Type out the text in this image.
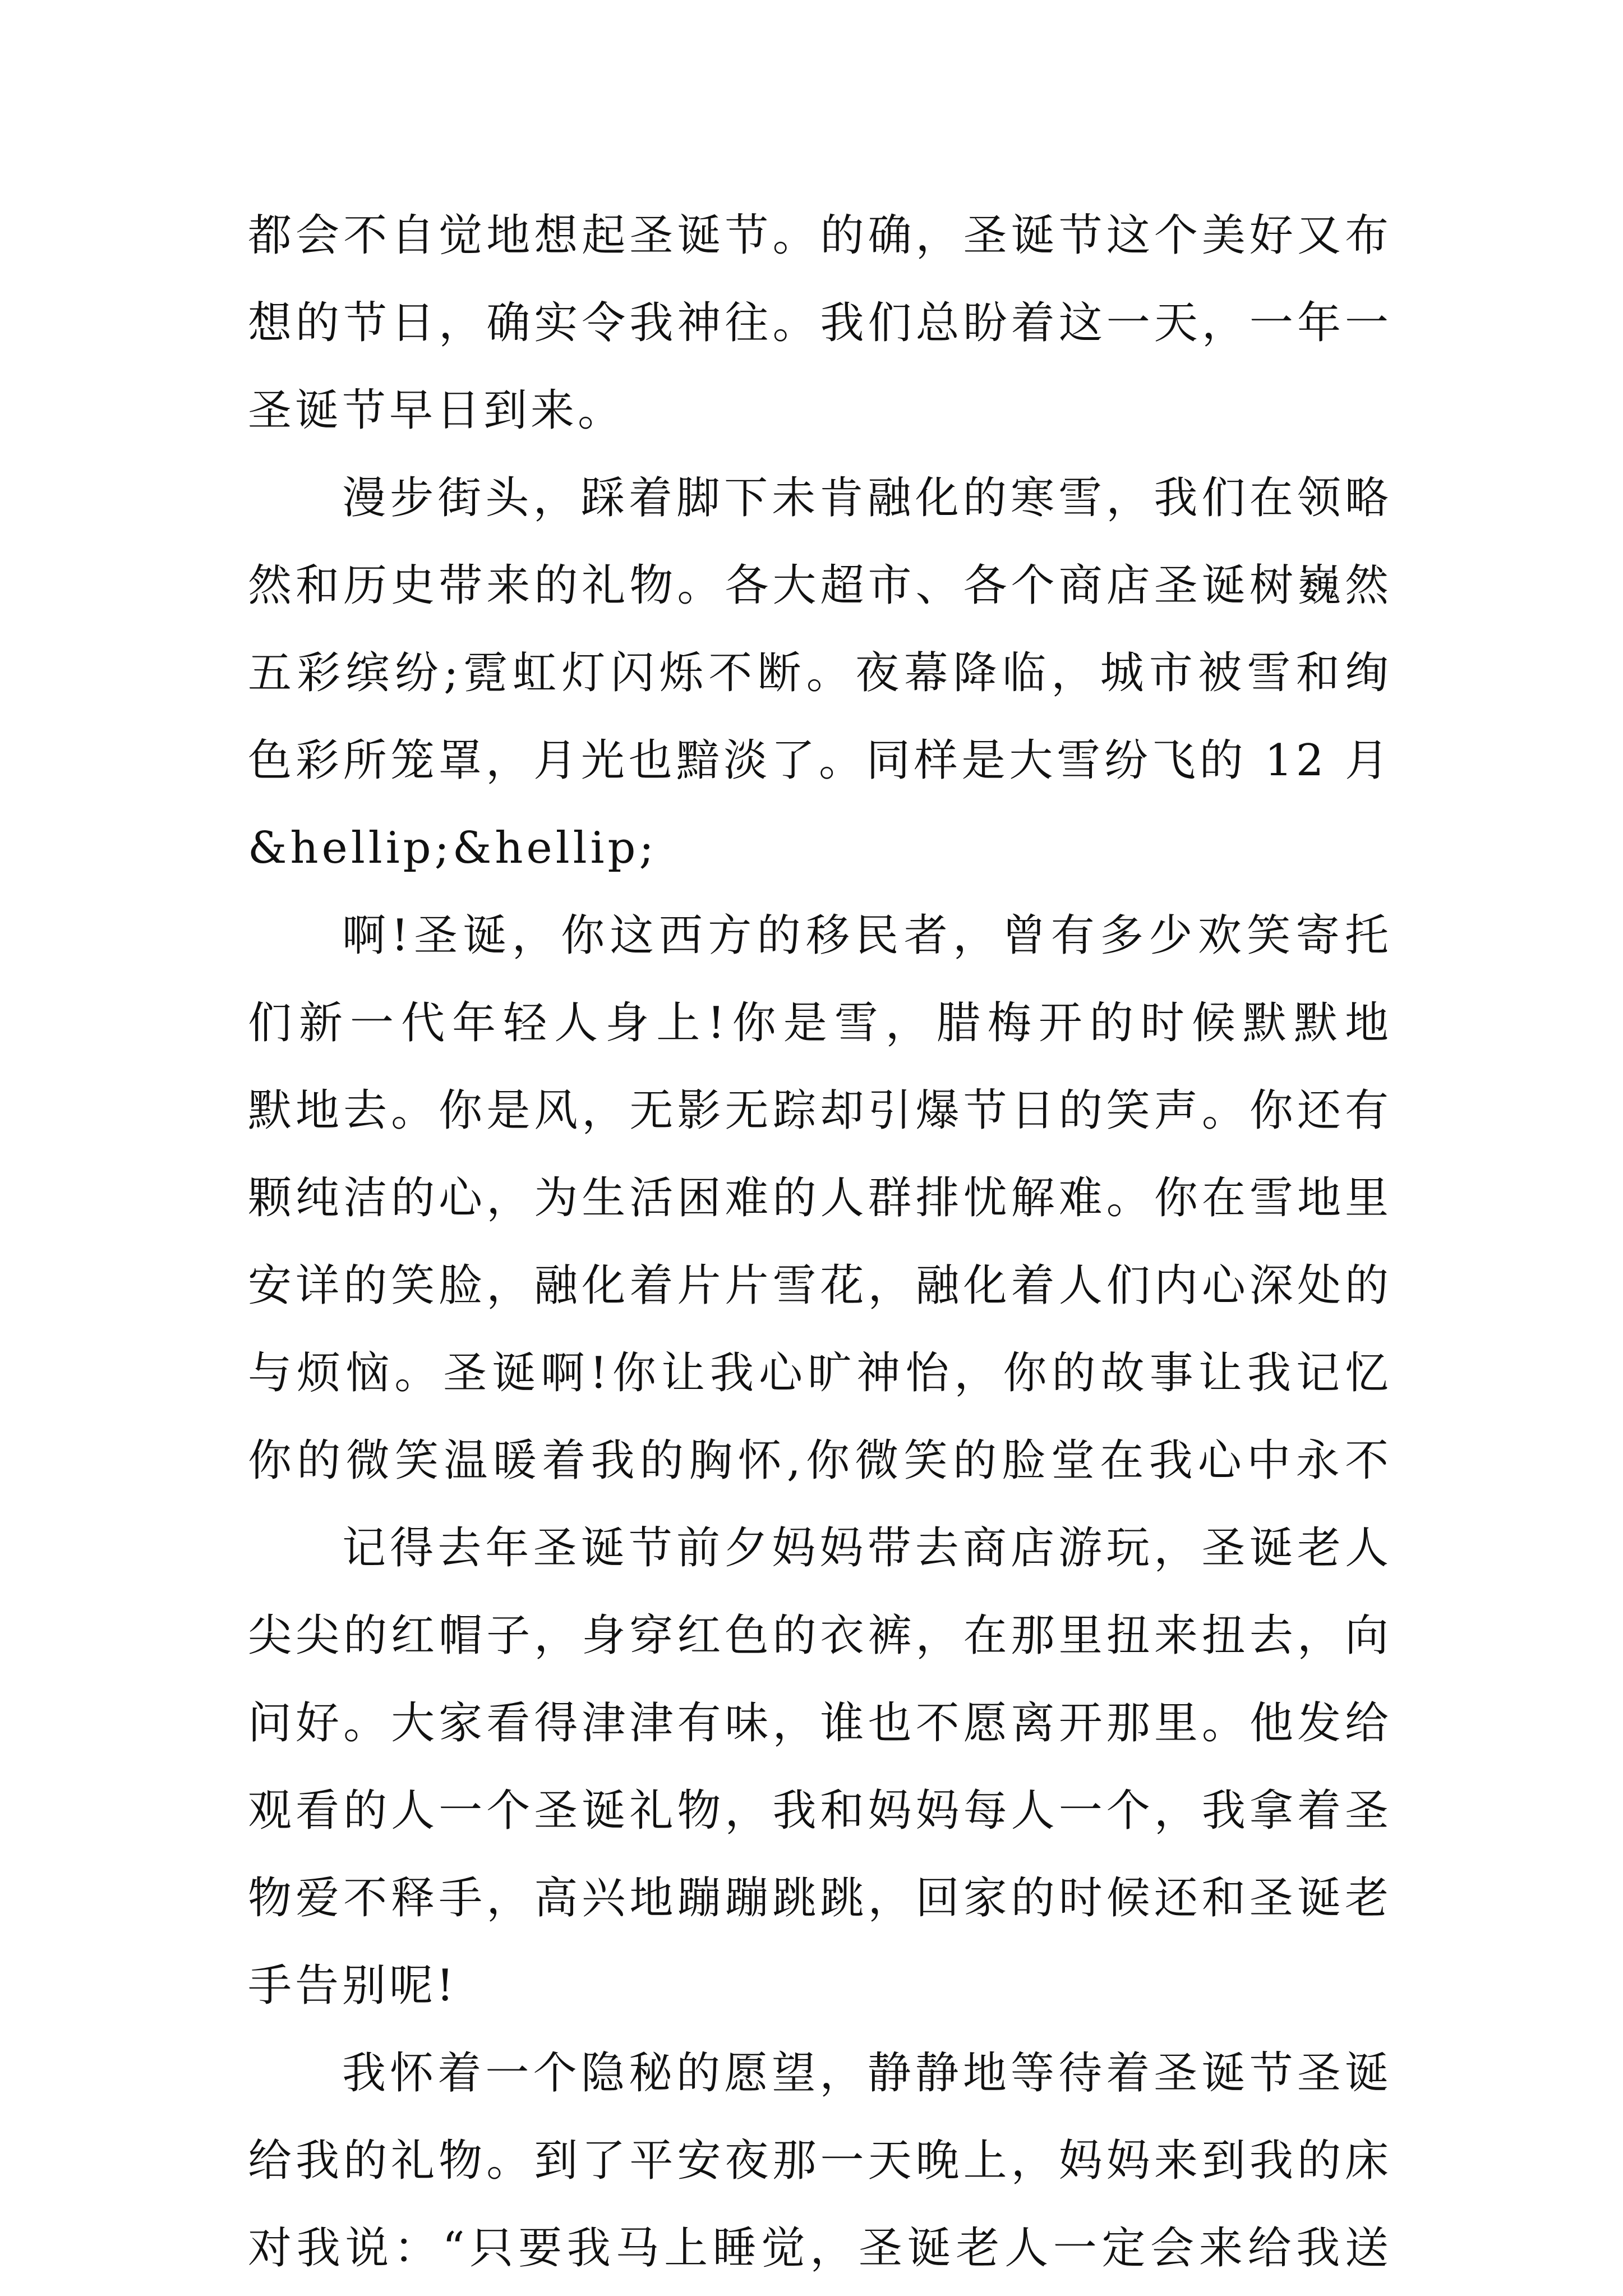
都会不自觉地想起圣诞节。的确，圣诞节这个美好又布
想的节日，确实令我神往。我们总盼着这一天，一年一
圣诞节早日到来。
漫步街头，踩着脚下未肯融化的寒雪，我们在领略
然和历史带来的礼物。各大超市、各个商店圣诞树巍然
五彩缤纷;霓虹灯闪烁不断。夜幕降临，城市被雪和绚
色彩所笼罩，月光也黯淡了。同样是大雪纷飞的 12 月
&hellip;&hellip;
啊!圣诞，你这西方的移民者，曾有多少欢笑寄托
们新一代年轻人身上!你是雪，腊梅开的时候默默地
默地去。你是风，无影无踪却引爆节日的笑声。你还有
颗纯洁的心，为生活困难的人群排忧解难。你在雪地里
安详的笑脸，融化着片片雪花，融化着人们内心深处的
与烦恼。圣诞啊!你让我心旷神怡，你的故事让我记忆
你的微笑温暖着我的胸怀,你微笑的脸堂在我心中永不
记得去年圣诞节前夕妈妈带去商店游玩，圣诞老人
尖尖的红帽子，身穿红色的衣裤，在那里扭来扭去，向
问好。大家看得津津有味，谁也不愿离开那里。他发给
观看的人一个圣诞礼物，我和妈妈每人一个，我拿着圣
物爱不释手，高兴地蹦蹦跳跳，回家的时候还和圣诞老
手告别呢!
我怀着一个隐秘的愿望，静静地等待着圣诞节圣诞
给我的礼物。到了平安夜那一天晚上，妈妈来到我的床
对我说：“只要我马上睡觉，圣诞老人一定会来给我送
